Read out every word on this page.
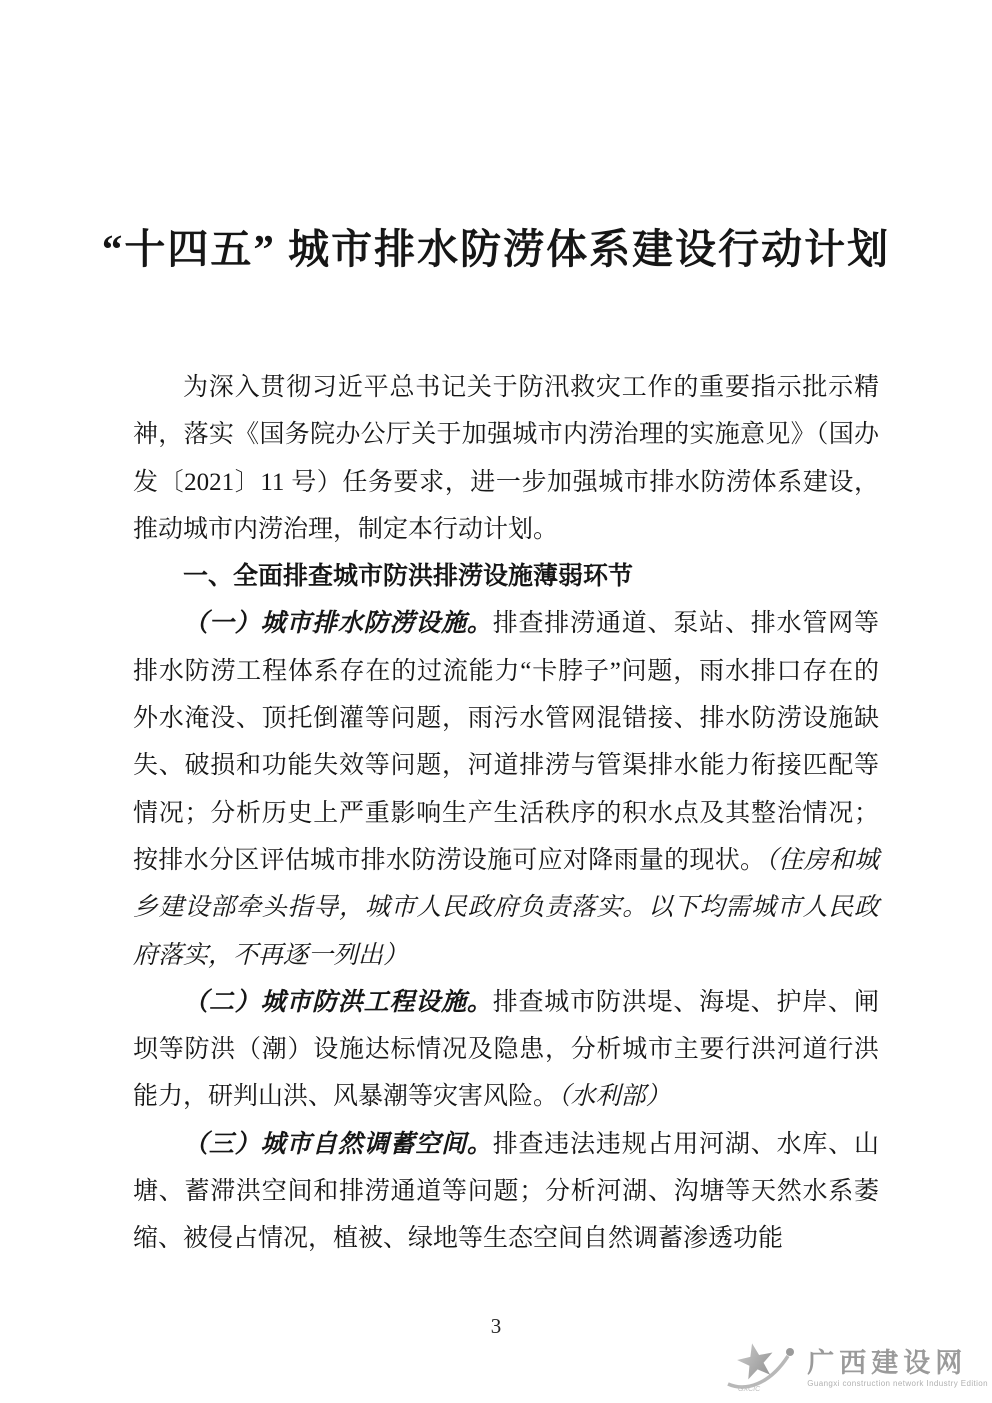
“十四五” 城市排水防涝体系建设行动计划

为深入贯彻习近平总书记关于防汛救灾工作的重要指示批示精神，落实《国务院办公厅关于加强城市内涝治理的实施意见》（国办发〔2021〕11 号）任务要求，进一步加强城市排水防涝体系建设，推动城市内涝治理，制定本行动计划。

一、全面排查城市防洪排涝设施薄弱环节

（一）城市排水防涝设施。排查排涝通道、泵站、排水管网等排水防涝工程体系存在的过流能力“卡脖子”问题，雨水排口存在的外水淹没、顶托倒灌等问题，雨污水管网混错接、排水防涝设施缺失、破损和功能失效等问题，河道排涝与管渠排水能力衔接匹配等情况；分析历史上严重影响生产生活秩序的积水点及其整治情况；按排水分区评估城市排水防涝设施可应对降雨量的现状。（住房和城乡建设部牵头指导，城市人民政府负责落实。以下均需城市人民政府落实，不再逐一列出）

（二）城市防洪工程设施。排查城市防洪堤、海堤、护岸、闸坝等防洪（潮）设施达标情况及隐患，分析城市主要行洪河道行洪能力，研判山洪、风暴潮等灾害风险。（水利部）

（三）城市自然调蓄空间。排查违法违规占用河湖、水库、山塘、蓄滞洪空间和排涝通道等问题；分析河湖、沟塘等天然水系萎缩、被侵占情况，植被、绿地等生态空间自然调蓄渗透功能

3
GXCIC
广西建设网
Guangxi construction network Industry Edition
